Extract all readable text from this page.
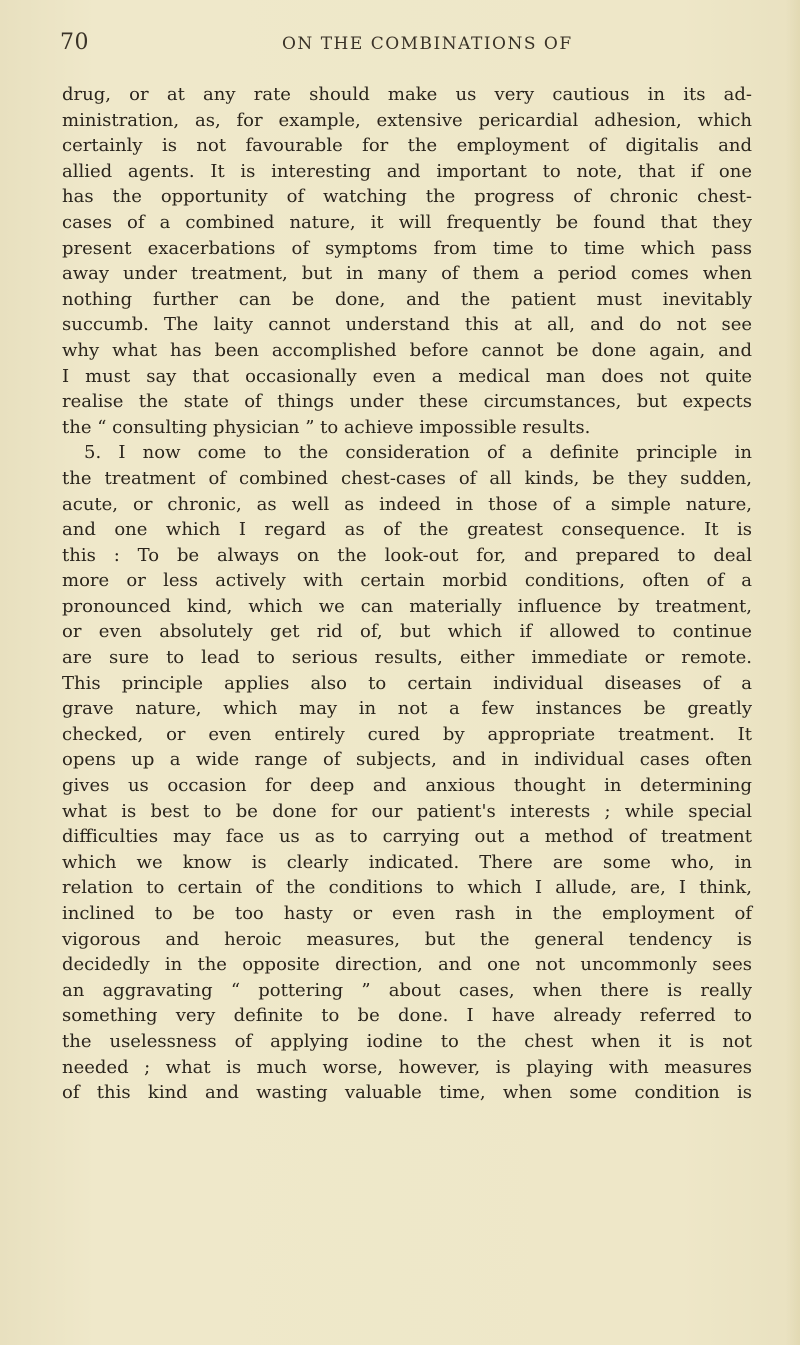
70	ON THE COMBINATIONS OF
drug, or at any rate should make us very cautious in its ad-
ministration, as, for example, extensive pericardial adhesion, which
certainly is not favourable for the employment of digitalis and
allied agents. It is interesting and important to note, that if one
has the opportunity of watching the progress of chronic chest-
cases of a combined nature, it will frequently be found that they
present exacerbations of symptoms from time to time which pass
away under treatment, but in many of them a period comes when
nothing further can be done, and the patient must inevitably
succumb. The laity cannot understand this at all, and do not see
why what has been accomplished before cannot be done again, and
I must say that occasionally even a medical man does not quite
realise the state of things under these circumstances, but expects
the “ consulting physician ” to achieve impossible results.
5. I now come to the consideration of a definite principle in
the treatment of combined chest-cases of all kinds, be they sudden,
acute, or chronic, as well as indeed in those of a simple nature,
and one which I regard as of the greatest consequence. It is
this : To be always on the look-out for, and prepared to deal
more or less actively with certain morbid conditions, often of a
pronounced kind, which we can materially influence by treatment,
or even absolutely get rid of, but which if allowed to continue
are sure to lead to serious results, either immediate or remote.
This principle applies also to certain individual diseases of a
grave nature, which may in not a few instances be greatly
checked, or even entirely cured by appropriate treatment. It
opens up a wide range of subjects, and in individual cases often
gives us occasion for deep and anxious thought in determining
what is best to be done for our patient's interests ; while special
difficulties may face us as to carrying out a method of treatment
which we know is clearly indicated. There are some who, in
relation to certain of the conditions to which I allude, are, I think,
inclined to be too hasty or even rash in the employment of
vigorous and heroic measures, but the general tendency is
decidedly in the opposite direction, and one not uncommonly sees
an aggravating “ pottering ” about cases, when there is really
something very definite to be done. I have already referred to
the uselessness of applying iodine to the chest when it is not
needed ; what is much worse, however, is playing with measures
of this kind and wasting valuable time, when some condition is
